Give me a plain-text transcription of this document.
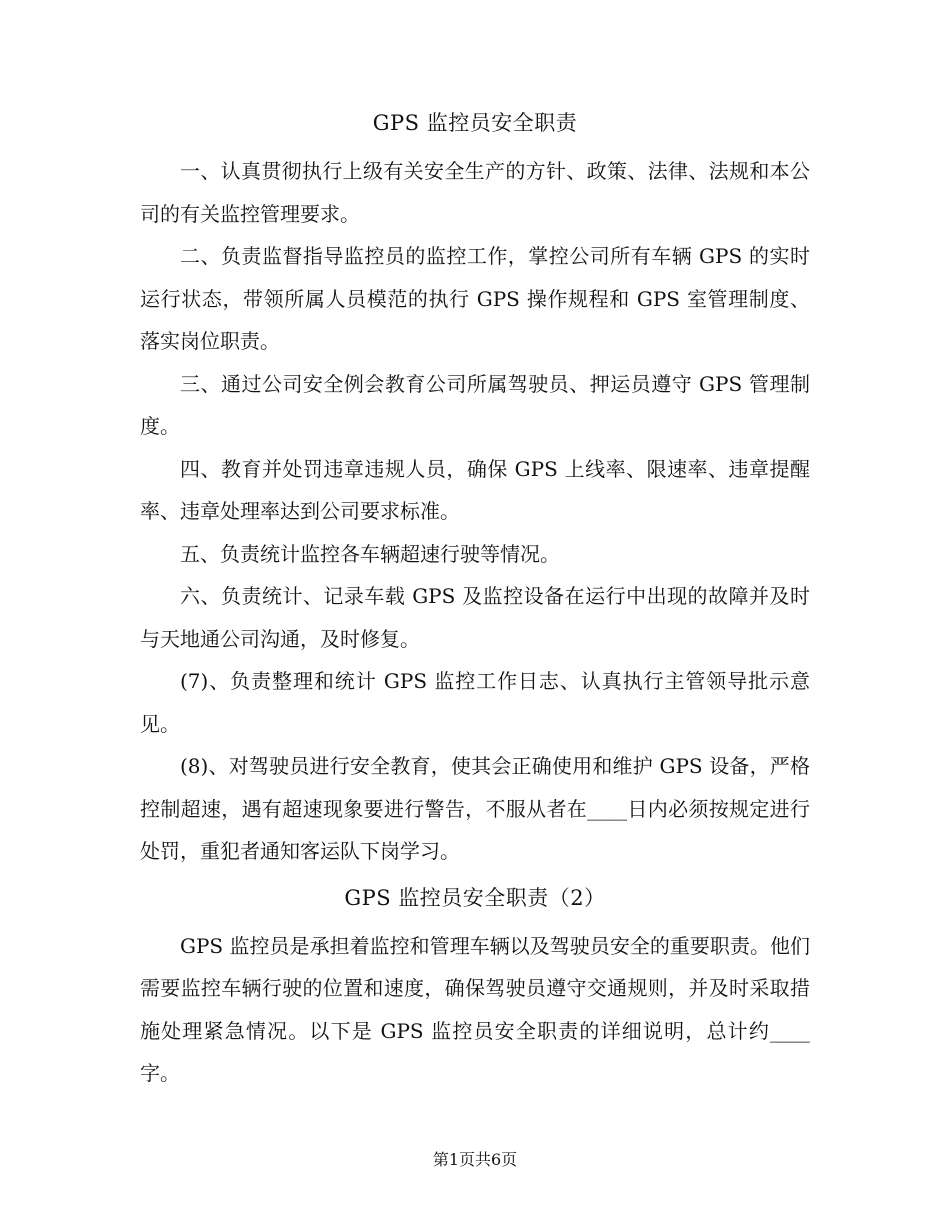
GPS 监控员安全职责

一、认真贯彻执行上级有关安全生产的方针、政策、法律、法规和本公司的有关监控管理要求。

二、负责监督指导监控员的监控工作，掌控公司所有车辆 GPS 的实时运行状态，带领所属人员模范的执行 GPS 操作规程和 GPS 室管理制度、落实岗位职责。

三、通过公司安全例会教育公司所属驾驶员、押运员遵守 GPS 管理制度。

四、教育并处罚违章违规人员，确保 GPS 上线率、限速率、违章提醒率、违章处理率达到公司要求标准。

五、负责统计监控各车辆超速行驶等情况。

六、负责统计、记录车载 GPS 及监控设备在运行中出现的故障并及时与天地通公司沟通，及时修复。

(7)、负责整理和统计 GPS 监控工作日志、认真执行主管领导批示意见。

(8)、对驾驶员进行安全教育，使其会正确使用和维护 GPS 设备，严格控制超速，遇有超速现象要进行警告，不服从者在____日内必须按规定进行处罚，重犯者通知客运队下岗学习。

GPS 监控员安全职责（2）

GPS 监控员是承担着监控和管理车辆以及驾驶员安全的重要职责。他们需要监控车辆行驶的位置和速度，确保驾驶员遵守交通规则，并及时采取措施处理紧急情况。以下是 GPS 监控员安全职责的详细说明，总计约____字。

第1页共6页
